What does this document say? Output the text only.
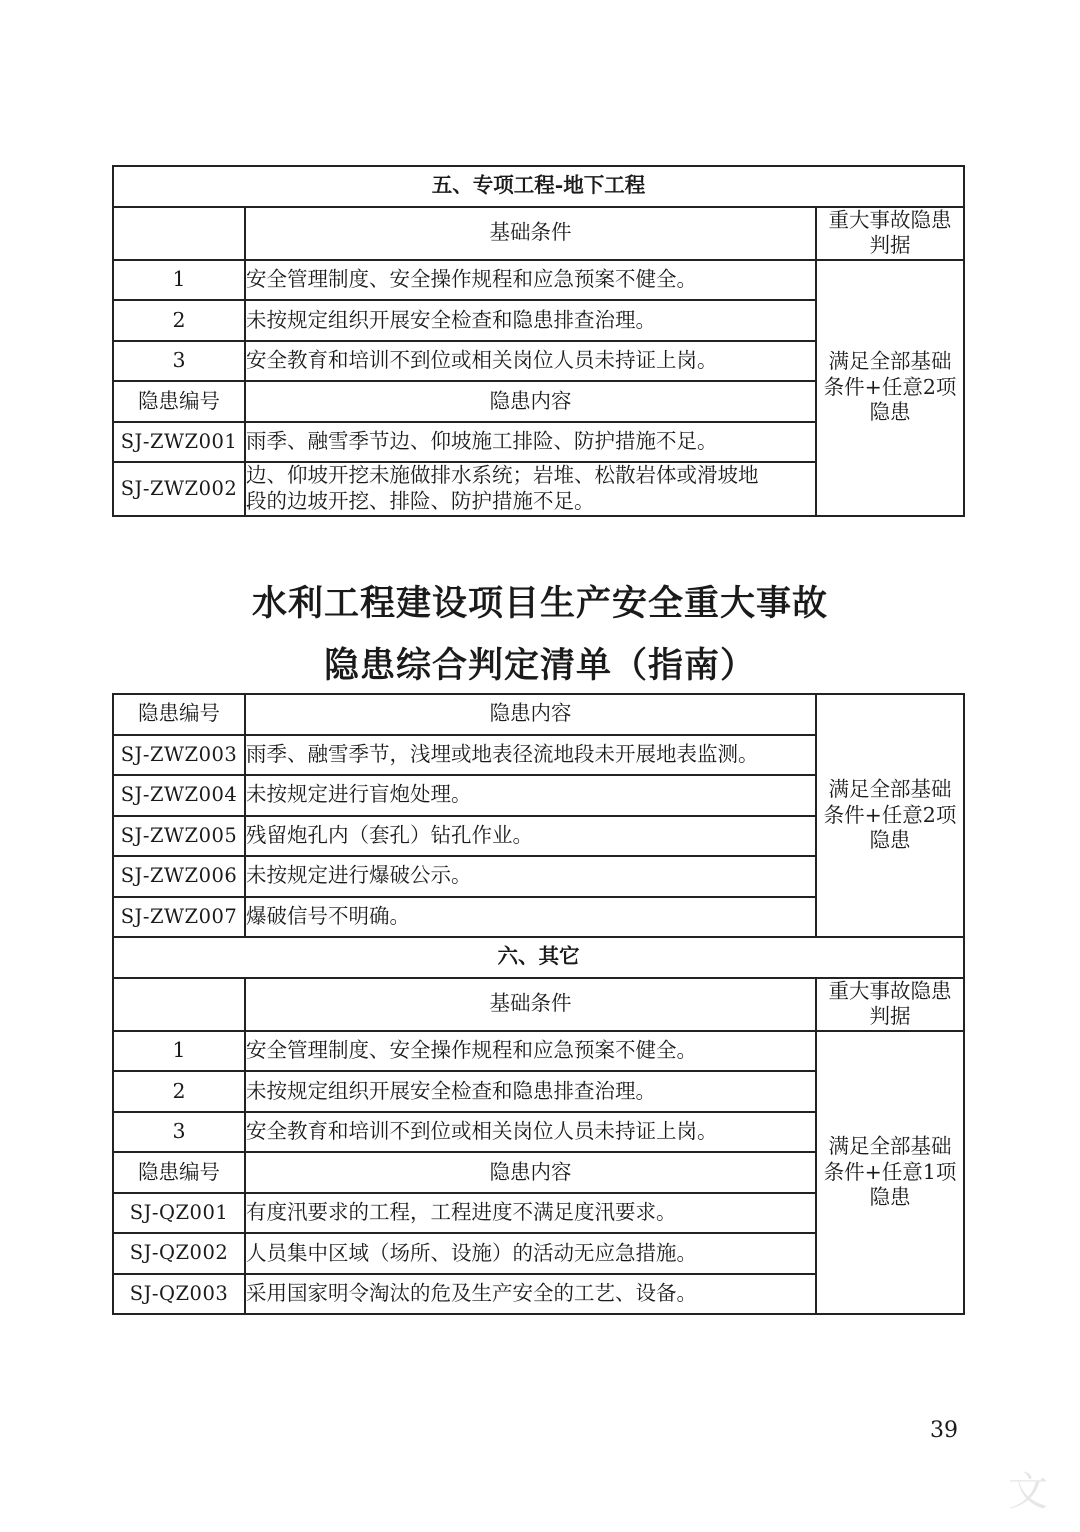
五、专项工程-地下工程		
	基础条件	重大事故隐患
判据
1	安全管理制度、安全操作规程和应急预案不健全。	满足全部基础
条件+任意2项
隐患

2	未按规定组织开展安全检查和隐患排查治理。	
3	安全教育和培训不到位或相关岗位人员未持证上岗。	
隐患编号	隐患内容	
SJ-ZWZ001	雨季、融雪季节边、仰坡施工排险、防护措施不足。	
SJ-ZWZ002	边、仰坡开挖未施做排水系统；岩堆、松散岩体或滑坡地
段的边坡开挖、排险、防护措施不足。	
水利工程建设项目生产安全重大事故
隐患综合判定清单（指南）
隐患编号	隐患内容	满足全部基础
条件+任意2项
隐患

SJ-ZWZ003	雨季、融雪季节，浅埋或地表径流地段未开展地表监测。	
SJ-ZWZ004	未按规定进行盲炮处理。	
SJ-ZWZ005	残留炮孔内（套孔）钻孔作业。	
SJ-ZWZ006	未按规定进行爆破公示。	
SJ-ZWZ007	爆破信号不明确。	
六、其它		
	基础条件	重大事故隐患
判据
1	安全管理制度、安全操作规程和应急预案不健全。	满足全部基础
条件+任意1项
隐患

2	未按规定组织开展安全检查和隐患排查治理。	
3	安全教育和培训不到位或相关岗位人员未持证上岗。	
隐患编号	隐患内容	
SJ-QZ001	有度汛要求的工程，工程进度不满足度汛要求。	
SJ-QZ002	人员集中区域（场所、设施）的活动无应急措施。	
SJ-QZ003	采用国家明令淘汰的危及生产安全的工艺、设备。	
39
文
